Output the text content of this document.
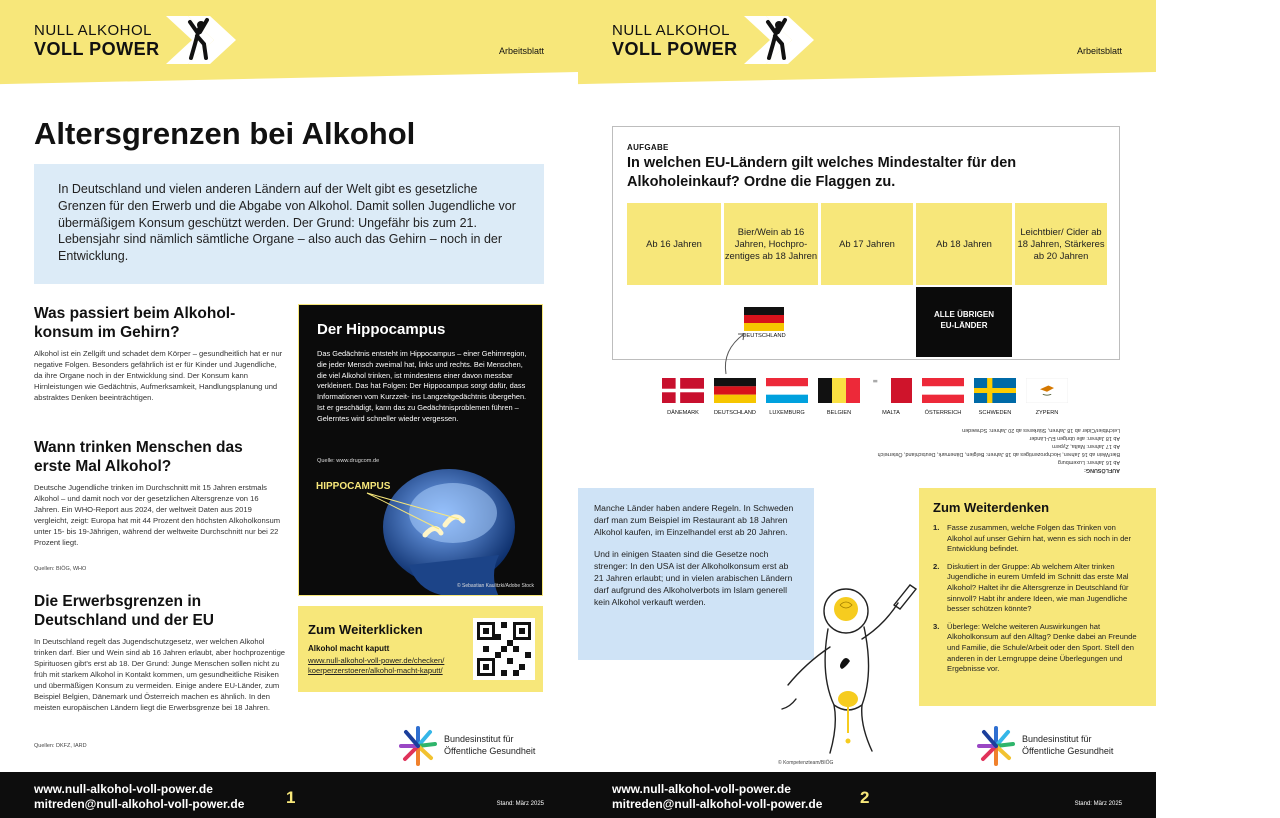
NULL ALKOHOL
VOLL POWER	Arbeitsblatt
Altersgrenzen bei Alkohol
In Deutschland und vielen anderen Ländern auf der Welt gibt es gesetzliche Grenzen für den Erwerb und die Abgabe von Alkohol. Damit sollen Jugendliche vor übermäßigem Konsum geschützt werden. Der Grund: Ungefähr bis zum 21. Lebensjahr sind nämlich sämtliche Organe – also auch das Gehirn – noch in der Entwicklung.
Was passiert beim Alkoholkonsum im Gehirn?
Alkohol ist ein Zellgift und schadet dem Körper – gesundheitlich hat er nur negative Folgen. Besonders gefährlich ist er für Kinder und Jugendliche, da ihre Organe noch in der Entwicklung sind. Der Konsum kann Hirnleistungen wie Gedächtnis, Aufmerksamkeit, Handlungsplanung und abstraktes Denken beeinträchtigen.
Wann trinken Menschen das erste Mal Alkohol?
Deutsche Jugendliche trinken im Durchschnitt mit 15 Jahren erstmals Alkohol – und damit noch vor der gesetzlichen Altersgrenze von 16 Jahren. Ein WHO-Report aus 2024, der weltweit Daten aus 2019 vergleicht, zeigt: Europa hat mit 44 Prozent den höchsten Alkoholkonsum unter 15- bis 19-Jährigen, während der weltweite Durchschnitt nur bei 22 Prozent liegt.
Quellen: BIÖG, WHO
Die Erwerbsgrenzen in Deutschland und der EU
In Deutschland regelt das Jugendschutzgesetz, wer welchen Alkohol trinken darf. Bier und Wein sind ab 16 Jahren erlaubt, aber hochprozentige Spirituosen gibt's erst ab 18. Der Grund: Junge Menschen sollen nicht zu früh mit starkem Alkohol in Kontakt kommen, um gesundheitliche Risiken und übermäßigen Konsum zu vermeiden. Einige andere EU-Länder, zum Beispiel Belgien, Dänemark und Österreich machen es ähnlich. In den meisten europäischen Ländern liegt die Erwerbsgrenze bei 18 Jahren.
Quellen: DKFZ, IARD
Der Hippocampus
Das Gedächtnis entsteht im Hippocampus – einer Gehirnregion, die jeder Mensch zweimal hat, links und rechts. Bei Menschen, die viel Alkohol trinken, ist mindestens einer davon messbar verkleinert. Das hat Folgen: Der Hippocampus sorgt dafür, dass Informationen vom Kurzzeit- ins Langzeitgedächtnis übergehen. Ist er geschädigt, kann das zu Gedächtnisproblemen führen – Gelerntes wird schneller wieder vergessen.
Quelle: www.drugcom.de
HIPPOCAMPUS
© Sebastian Kaulitzki/Adobe Stock
Zum Weiterklicken
Alkohol macht kaputt
www.null-alkohol-voll-power.de/checken/
koerperzerstoerer/alkohol-macht-kaputt/
Bundesinstitut für
Öffentliche Gesundheit
www.null-alkohol-voll-power.de
mitreden@null-alkohol-voll-power.de 1	Stand: März 2025
NULL ALKOHOL
VOLL POWER	Arbeitsblatt
AUFGABE
In welchen EU-Ländern gilt welches Mindestalter für den Alkoholeinkauf? Ordne die Flaggen zu.
Ab 16 Jahren
Bier/Wein ab 16 Jahren, Hochprozentiges ab 18 Jahren
Ab 17 Jahren	Ab 18 Jahren
Leichtbier/ Cider ab 18 Jahren, Stärkeres ab 20 Jahren
DEUTSCHLAND
ALLE ÜBRIGEN
EU-LÄNDER
DÄNEMARK	DEUTSCHLAND	LUXEMBURG	BELGIEN	MALTA	ÖSTERREICH	SCHWEDEN	ZYPERN
AUFLÖSUNG:
Ab 16 Jahren: Luxemburg
Bier/Wein ab 16 Jahren, Hochprozentiges ab 18 Jahren: Belgien, Dänemark, Deutschland, Österreich
Ab 17 Jahren: Malta, Zypern
Ab 18 Jahren: alle übrigen EU-Länder
Leichtbier/Cider ab 18 Jahren, Stärkeres ab 20 Jahren: Schweden

Manche Länder haben andere Regeln. In Schweden darf man zum Beispiel im Restaurant ab 18 Jahren Alkohol kaufen, im Einzelhandel erst ab 20 Jahren.

Und in einigen Staaten sind die Gesetze noch strenger: In den USA ist der Alkoholkonsum erst ab 21 Jahren erlaubt; und in vielen arabischen Ländern darf aufgrund des Alkoholverbots im Islam generell kein Alkohol verkauft werden.

© Kompetenzteam/BIÖG
Zum Weiterdenken
1.	Fasse zusammen, welche Folgen das Trinken von Alkohol auf unser Gehirn hat, wenn es sich noch in der Entwicklung befindet.
2.	Diskutiert in der Gruppe: Ab welchem Alter trinken Jugendliche in eurem Umfeld im Schnitt das erste Mal Alkohol? Haltet ihr die Altersgrenze in Deutschland für sinnvoll? Habt ihr andere Ideen, wie man Jugendliche besser schützen könnte?
3.	Überlege: Welche weiteren Auswirkungen hat Alkoholkonsum auf den Alltag? Denke dabei an Freunde und Familie, die Schule/Arbeit oder den Sport. Stell den anderen in der Lerngruppe deine Überlegungen und Ergebnisse vor.
Bundesinstitut für
Öffentliche Gesundheit
www.null-alkohol-voll-power.de
mitreden@null-alkohol-voll-power.de 2	Stand: März 2025
